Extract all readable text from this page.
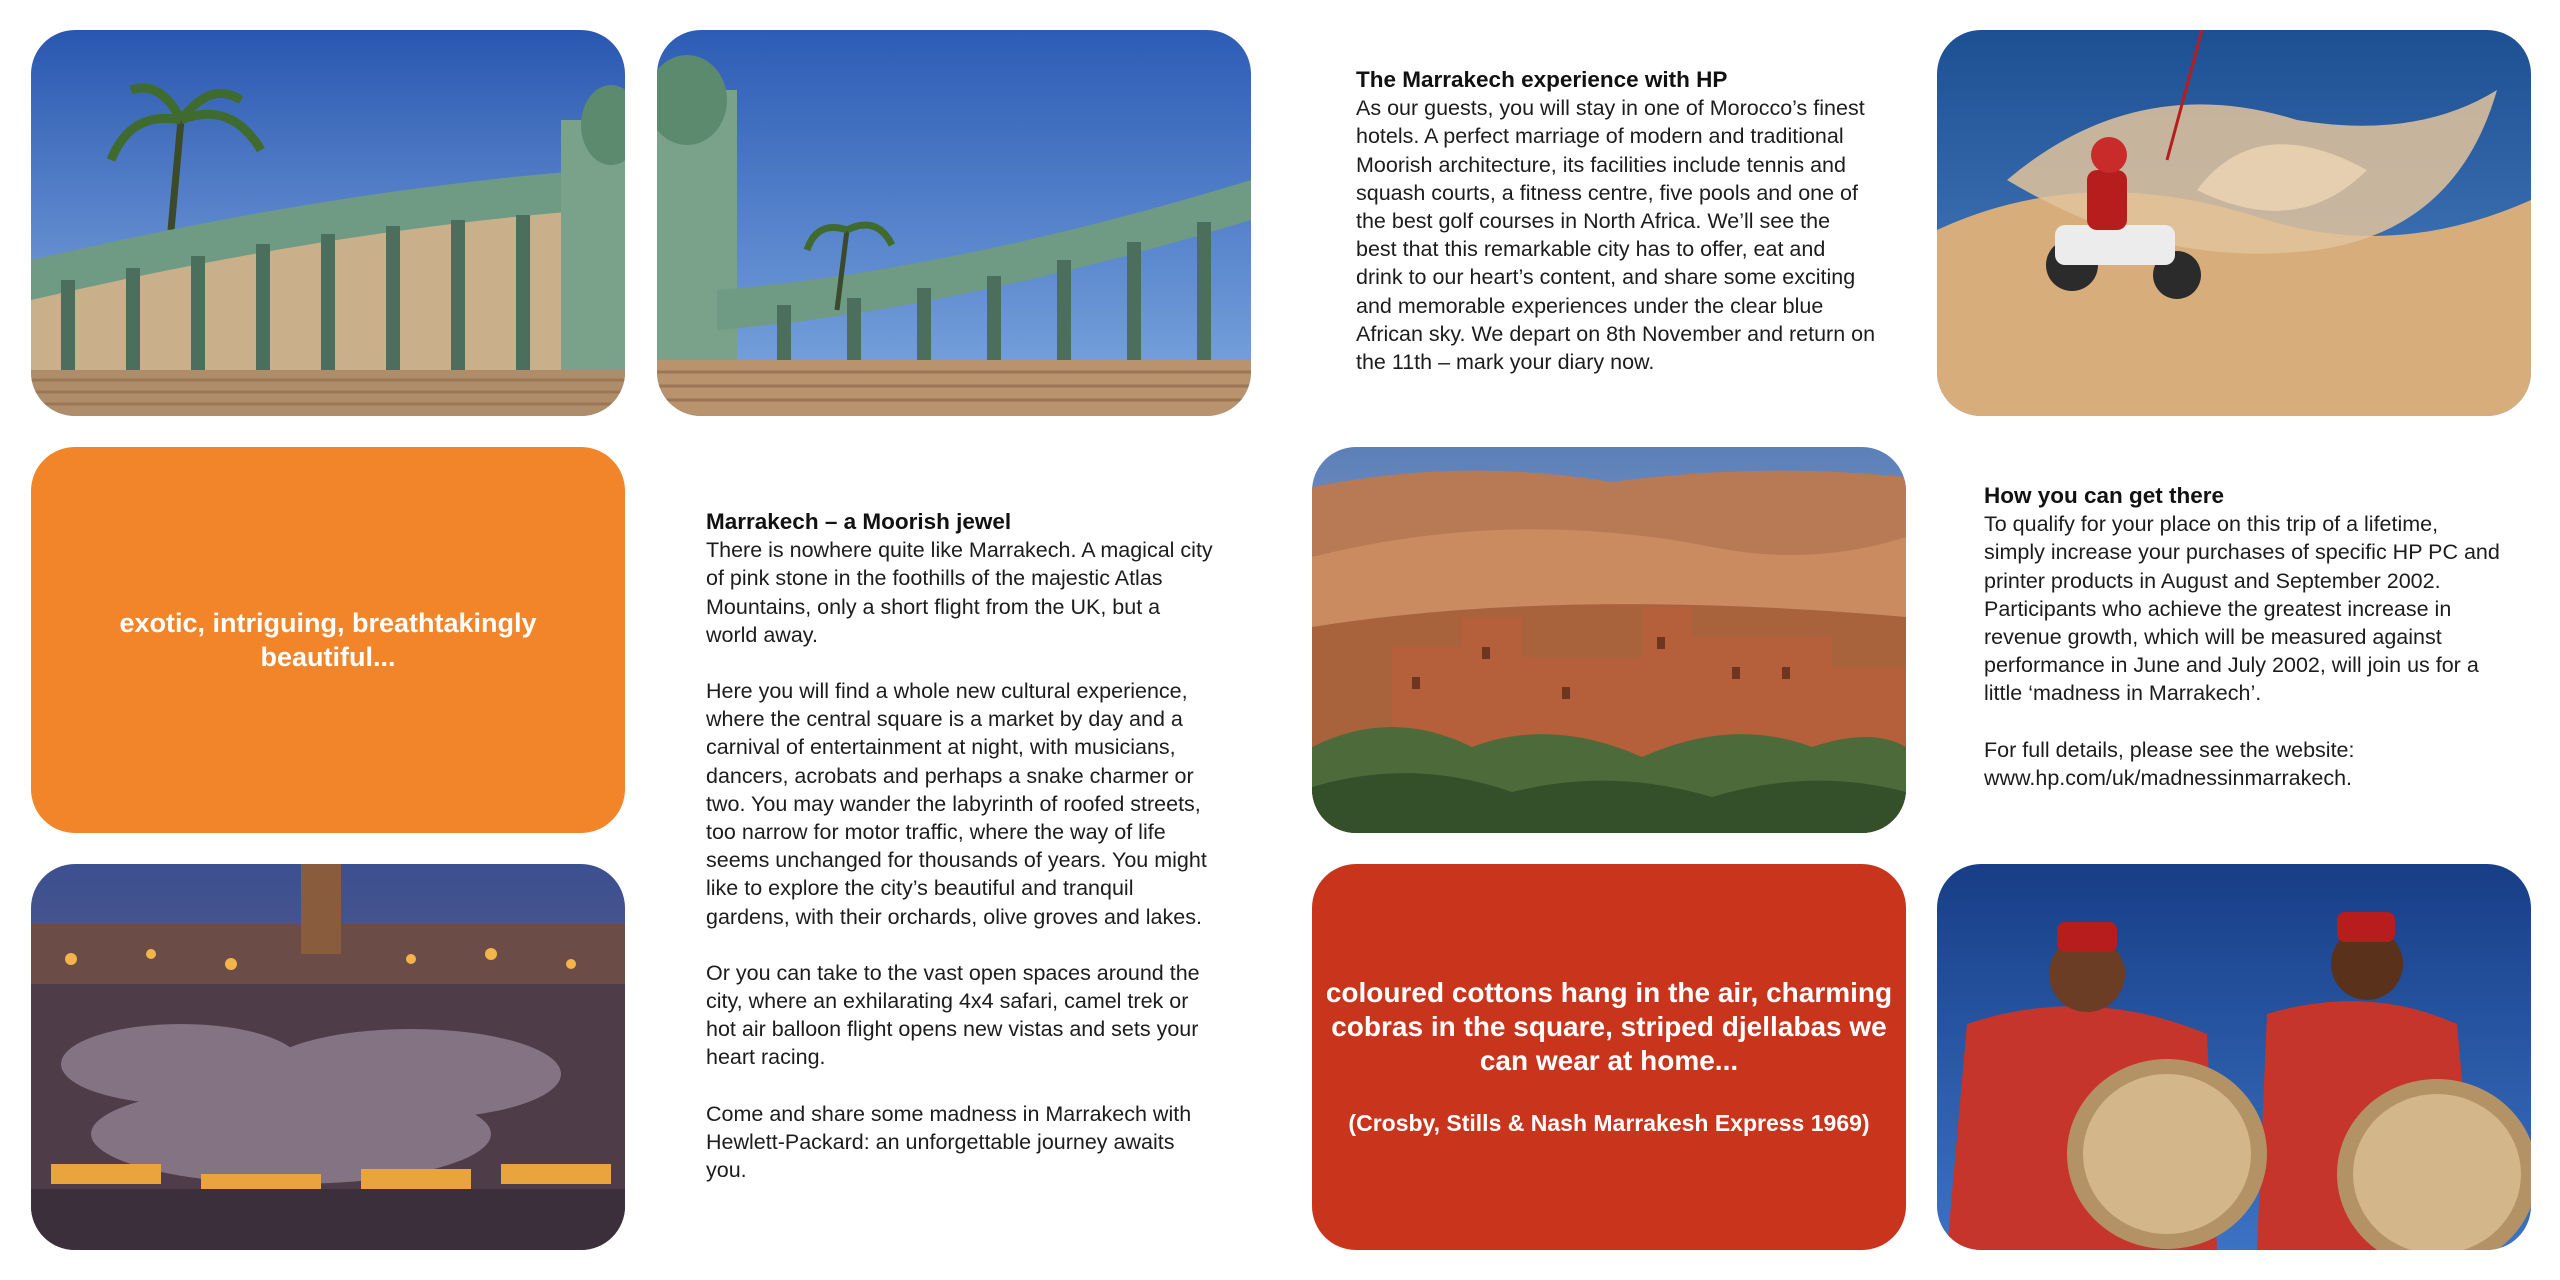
The Marrakech experience with HP

As our guests, you will stay in one of Morocco’s finest hotels. A perfect marriage of modern and traditional Moorish architecture, its facilities include tennis and squash courts, a fitness centre, five pools and one of the best golf courses in North Africa. We’ll see the best that this remarkable city has to offer, eat and drink to our heart’s content, and share some exciting and memorable experiences under the clear blue African sky. We depart on 8th November and return on the 11th – mark your diary now.

exotic, intriguing, breathtakingly beautiful...
Marrakech – a Moorish jewel

There is nowhere quite like Marrakech. A magical city of pink stone in the foothills of the majestic Atlas Mountains, only a short flight from the UK, but a world away.

Here you will find a whole new cultural experience, where the central square is a market by day and a carnival of entertainment at night, with musicians, dancers, acrobats and perhaps a snake charmer or two. You may wander the labyrinth of roofed streets, too narrow for motor traffic, where the way of life seems unchanged for thousands of years. You might like to explore the city’s beautiful and tranquil gardens, with their orchards, olive groves and lakes.

Or you can take to the vast open spaces around the city, where an exhilarating 4x4 safari, camel trek or hot air balloon flight opens new vistas and sets your heart racing.

Come and share some madness in Marrakech with Hewlett-Packard: an unforgettable journey awaits you.

How you can get there

To qualify for your place on this trip of a lifetime, simply increase your purchases of specific HP PC and printer products in August and September 2002. Participants who achieve the greatest increase in revenue growth, which will be measured against performance in June and July 2002, will join us for a little ‘madness in Marrakech’.

For full details, please see the website: www.hp.com/uk/madnessinmarrakech.

coloured cottons hang in the air, charming cobras in the square, striped djellabas we can wear at home...
(Crosby, Stills & Nash Marrakesh Express 1969)
